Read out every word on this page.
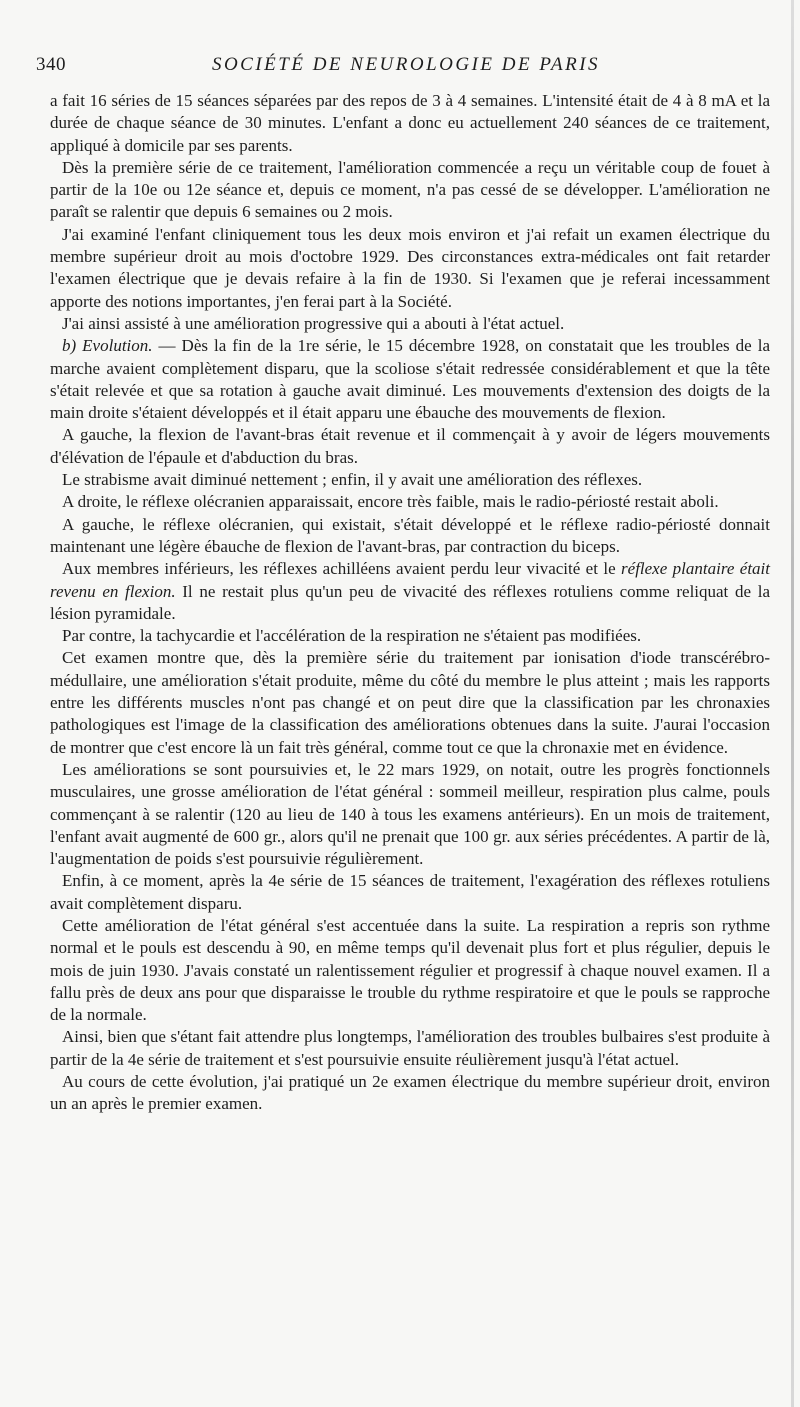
340	SOCIÉTÉ DE NEUROLOGIE DE PARIS

a fait 16 séries de 15 séances séparées par des repos de 3 à 4 semaines. L'intensité était de 4 à 8 mA et la durée de chaque séance de 30 minutes. L'enfant a donc eu actuellement 240 séances de ce traitement, appliqué à domicile par ses parents.

Dès la première série de ce traitement, l'amélioration commencée a reçu un véritable coup de fouet à partir de la 10e ou 12e séance et, depuis ce moment, n'a pas cessé de se développer. L'amélioration ne paraît se ralentir que depuis 6 semaines ou 2 mois.

J'ai examiné l'enfant cliniquement tous les deux mois environ et j'ai refait un examen électrique du membre supérieur droit au mois d'octobre 1929. Des circonstances extra-médicales ont fait retarder l'examen électrique que je devais refaire à la fin de 1930. Si l'examen que je referai incessamment apporte des notions importantes, j'en ferai part à la Société.

J'ai ainsi assisté à une amélioration progressive qui a abouti à l'état actuel.

b) Evolution. — Dès la fin de la 1re série, le 15 décembre 1928, on constatait que les troubles de la marche avaient complètement disparu, que la scoliose s'était redressée considérablement et que la tête s'était relevée et que sa rotation à gauche avait diminué. Les mouvements d'extension des doigts de la main droite s'étaient développés et il était apparu une ébauche des mouvements de flexion.

A gauche, la flexion de l'avant-bras était revenue et il commençait à y avoir de légers mouvements d'élévation de l'épaule et d'abduction du bras.

Le strabisme avait diminué nettement ; enfin, il y avait une amélioration des réflexes.

A droite, le réflexe olécranien apparaissait, encore très faible, mais le radio-périosté restait aboli.

A gauche, le réflexe olécranien, qui existait, s'était développé et le réflexe radio-périosté donnait maintenant une légère ébauche de flexion de l'avant-bras, par contraction du biceps.

Aux membres inférieurs, les réflexes achilléens avaient perdu leur vivacité et le réflexe plantaire était revenu en flexion. Il ne restait plus qu'un peu de vivacité des réflexes rotuliens comme reliquat de la lésion pyramidale.

Par contre, la tachycardie et l'accélération de la respiration ne s'étaient pas modifiées.

Cet examen montre que, dès la première série du traitement par ionisation d'iode transcérébro-médullaire, une amélioration s'était produite, même du côté du membre le plus atteint ; mais les rapports entre les différents muscles n'ont pas changé et on peut dire que la classification par les chronaxies pathologiques est l'image de la classification des améliorations obtenues dans la suite. J'aurai l'occasion de montrer que c'est encore là un fait très général, comme tout ce que la chronaxie met en évidence.

Les améliorations se sont poursuivies et, le 22 mars 1929, on notait, outre les progrès fonctionnels musculaires, une grosse amélioration de l'état général : sommeil meilleur, respiration plus calme, pouls commençant à se ralentir (120 au lieu de 140 à tous les examens antérieurs). En un mois de traitement, l'enfant avait augmenté de 600 gr., alors qu'il ne prenait que 100 gr. aux séries précédentes. A partir de là, l'augmentation de poids s'est poursuivie régulièrement.

Enfin, à ce moment, après la 4e série de 15 séances de traitement, l'exagération des réflexes rotuliens avait complètement disparu.

Cette amélioration de l'état général s'est accentuée dans la suite. La respiration a repris son rythme normal et le pouls est descendu à 90, en même temps qu'il devenait plus fort et plus régulier, depuis le mois de juin 1930. J'avais constaté un ralentissement régulier et progressif à chaque nouvel examen. Il a fallu près de deux ans pour que disparaisse le trouble du rythme respiratoire et que le pouls se rapproche de la normale.

Ainsi, bien que s'étant fait attendre plus longtemps, l'amélioration des troubles bulbaires s'est produite à partir de la 4e série de traitement et s'est poursuivie ensuite réulièrement jusqu'à l'état actuel.

Au cours de cette évolution, j'ai pratiqué un 2e examen électrique du membre supérieur droit, environ un an après le premier examen.
